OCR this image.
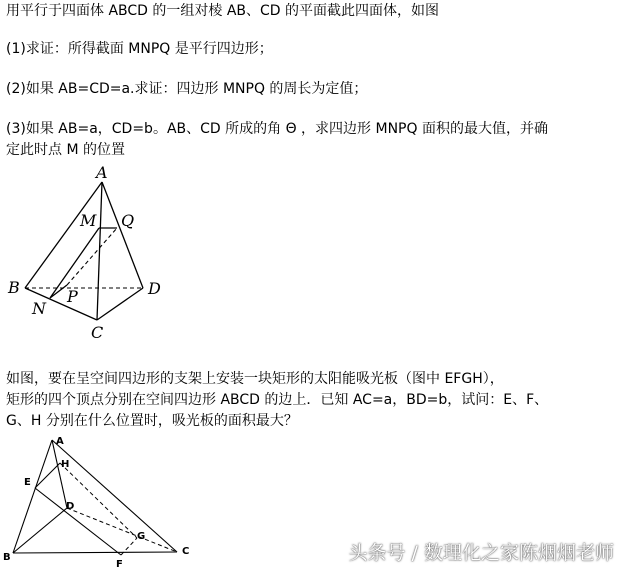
用平行于四面体 ABCD 的一组对棱 AB、CD 的平面截此四面体，如图
(1)求证：所得截面 MNPQ 是平行四边形；
(2)如果 AB=CD=a.求证：四边形 MNPQ 的周长为定值；
(3)如果 AB=a，CD=b。AB、CD 所成的角 Θ ，求四边形 MNPQ 面积的最大值，并确
定此时点 M 的位置
A
B
C
D
M
N
P
Q
如图，要在呈空间四边形的支架上安装一块矩形的太阳能吸光板（图中 EFGH），
矩形的四个顶点分别在空间四边形 ABCD 的边上．已知 AC=a，BD=b，试问：E、F、
G、H 分别在什么位置时，吸光板的面积最大？
A
B
C
D
E
F
G
H
头条号 / 数理化之家陈烟烟老师
